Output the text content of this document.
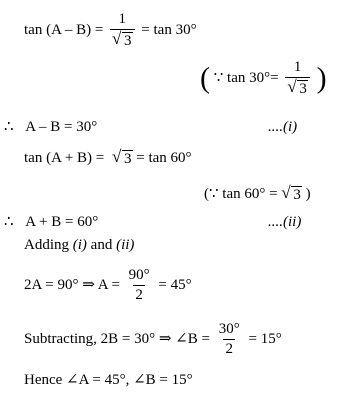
$\tan (A - B) = \frac{1}{√ 3} = \tan 30^\circ$
( ∵ $\tan 30^\circ= \frac{1}{√ 3}$ )
∴ A – B = 30°	....(i)
tan (A + B) = √ 3 = tan 60°
(∵ tan 60° = √ 3 )
∴ A + B = 60°	....(ii)
Adding (i) and (ii)
2A = 90° ⇒ $A = \frac{90^\circ}{2} = 45^\circ$
Subtracting, 2B = 30° ⇒ ∠B = $\frac{30^\circ}{2} = 15^\circ$
Hence ∠A = 45°, ∠B = 15°
